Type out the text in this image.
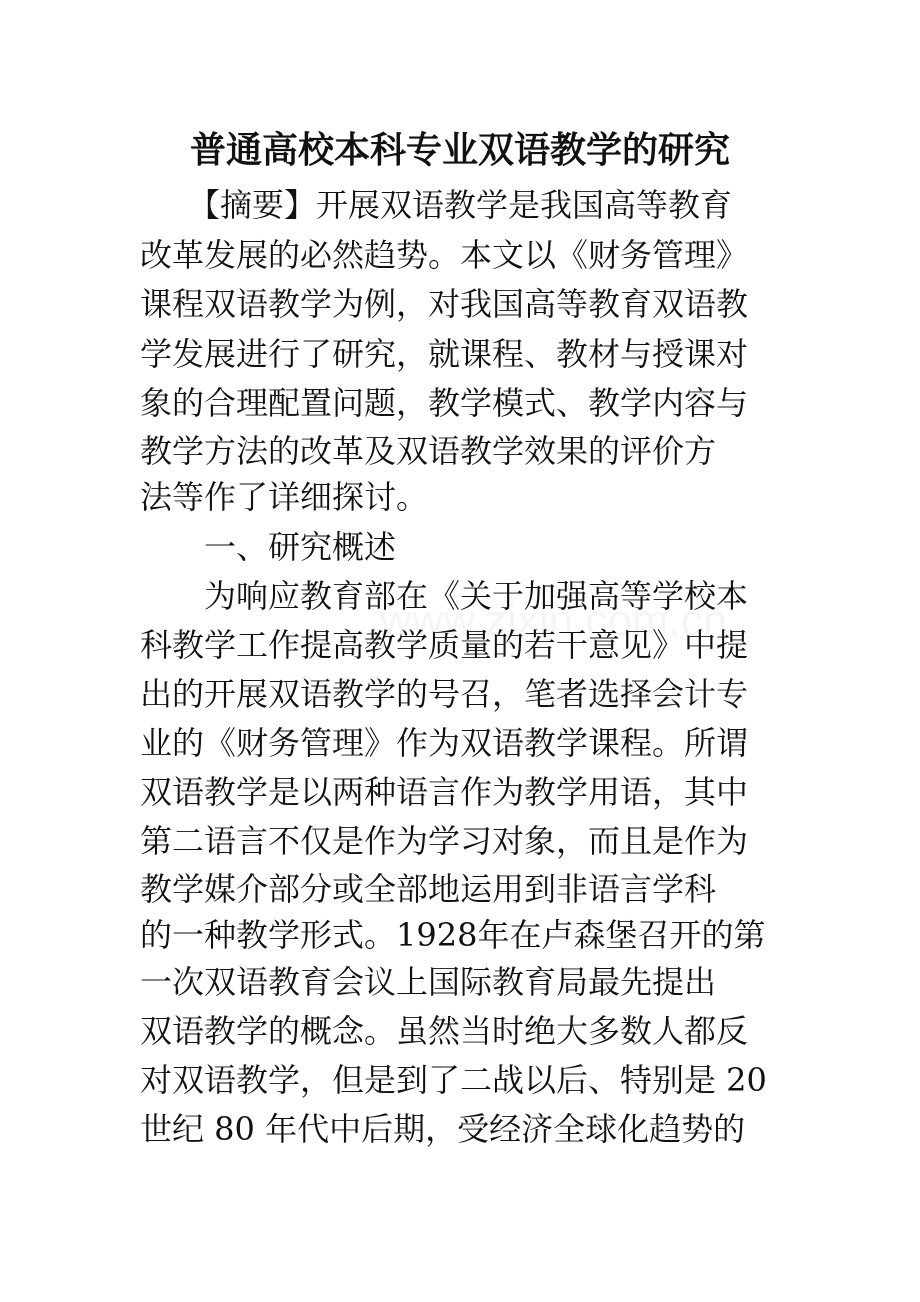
普通高校本科专业双语教学的研究
　　【摘要】开展双语教学是我国高等教育
改革发展的必然趋势。本文以《财务管理》
课程双语教学为例，对我国高等教育双语教
学发展进行了研究，就课程、教材与授课对
象的合理配置问题，教学模式、教学内容与
教学方法的改革及双语教学效果的评价方
法等作了详细探讨。
　　一、研究概述
　　为响应教育部在《关于加强高等学校本
科教学工作提高教学质量的若干意见》中提
出的开展双语教学的号召，笔者选择会计专
业的《财务管理》作为双语教学课程。所谓
双语教学是以两种语言作为教学用语，其中
第二语言不仅是作为学习对象，而且是作为
教学媒介部分或全部地运用到非语言学科
的一种教学形式。1928年在卢森堡召开的第
一次双语教育会议上国际教育局最先提出
双语教学的概念。虽然当时绝大多数人都反
对双语教学，但是到了二战以后、特别是 20
世纪 80 年代中后期，受经济全球化趋势的
